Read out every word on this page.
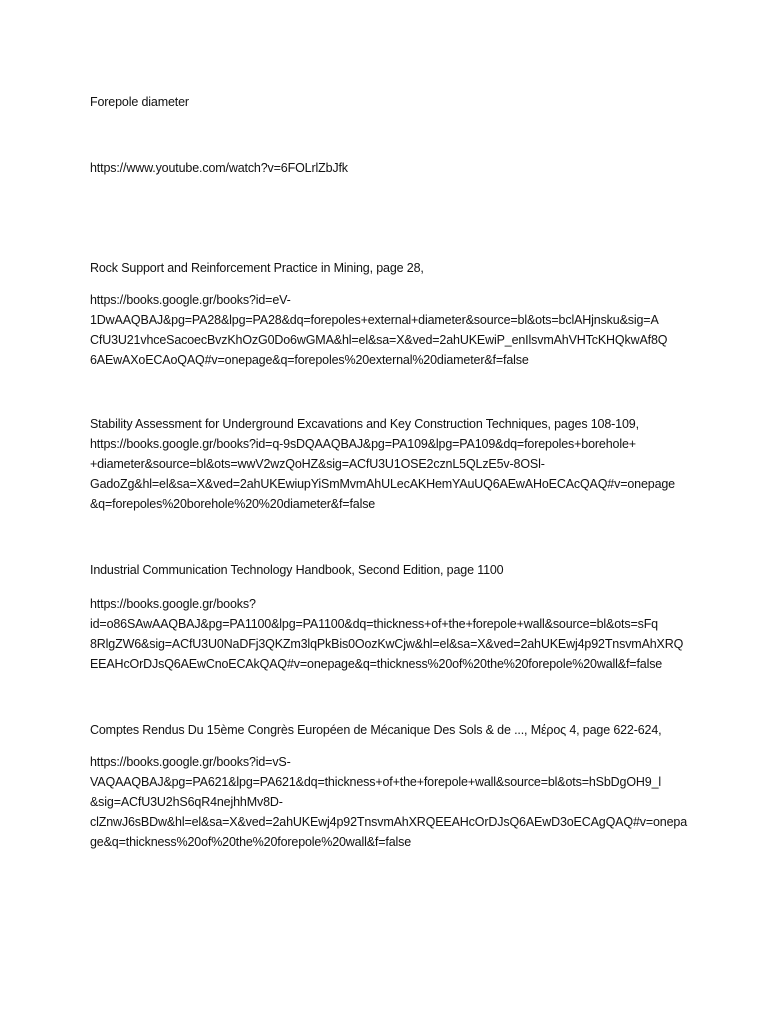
Forepole diameter
https://www.youtube.com/watch?v=6FOLrlZbJfk
Rock Support and Reinforcement Practice in Mining, page 28,
https://books.google.gr/books?id=eV-
1DwAAQBAJ&pg=PA28&lpg=PA28&dq=forepoles+external+diameter&source=bl&ots=bclAHjnsku&sig=A
CfU3U21vhceSacoecBvzKhOzG0Do6wGMA&hl=el&sa=X&ved=2ahUKEwiP_enIlsvmAhVHTcKHQkwAf8Q
6AEwAXoECAoQAQ#v=onepage&q=forepoles%20external%20diameter&f=false
Stability Assessment for Underground Excavations and Key Construction Techniques, pages 108-109,
https://books.google.gr/books?id=q-9sDQAAQBAJ&pg=PA109&lpg=PA109&dq=forepoles+borehole+
+diameter&source=bl&ots=wwV2wzQoHZ&sig=ACfU3U1OSE2cznL5QLzE5v-8OSl-
GadoZg&hl=el&sa=X&ved=2ahUKEwiupYiSmMvmAhULecAKHemYAuUQ6AEwAHoECAcQAQ#v=onepage
&q=forepoles%20borehole%20%20diameter&f=false
Industrial Communication Technology Handbook, Second Edition, page 1100
https://books.google.gr/books?
id=o86SAwAAQBAJ&pg=PA1100&lpg=PA1100&dq=thickness+of+the+forepole+wall&source=bl&ots=sFq
8RlgZW6&sig=ACfU3U0NaDFj3QKZm3lqPkBis0OozKwCjw&hl=el&sa=X&ved=2ahUKEwj4p92TnsvmAhXRQ
EEAHcOrDJsQ6AEwCnoECAkQAQ#v=onepage&q=thickness%20of%20the%20forepole%20wall&f=false
Comptes Rendus Du 15ème Congrès Européen de Mécanique Des Sols & de ..., Μέρος 4, page 622-624,
https://books.google.gr/books?id=vS-
VAQAAQBAJ&pg=PA621&lpg=PA621&dq=thickness+of+the+forepole+wall&source=bl&ots=hSbDgOH9_l
&sig=ACfU3U2hS6qR4nejhhMv8D-
clZnwJ6sBDw&hl=el&sa=X&ved=2ahUKEwj4p92TnsvmAhXRQEEAHcOrDJsQ6AEwD3oECAgQAQ#v=onepa
ge&q=thickness%20of%20the%20forepole%20wall&f=false
